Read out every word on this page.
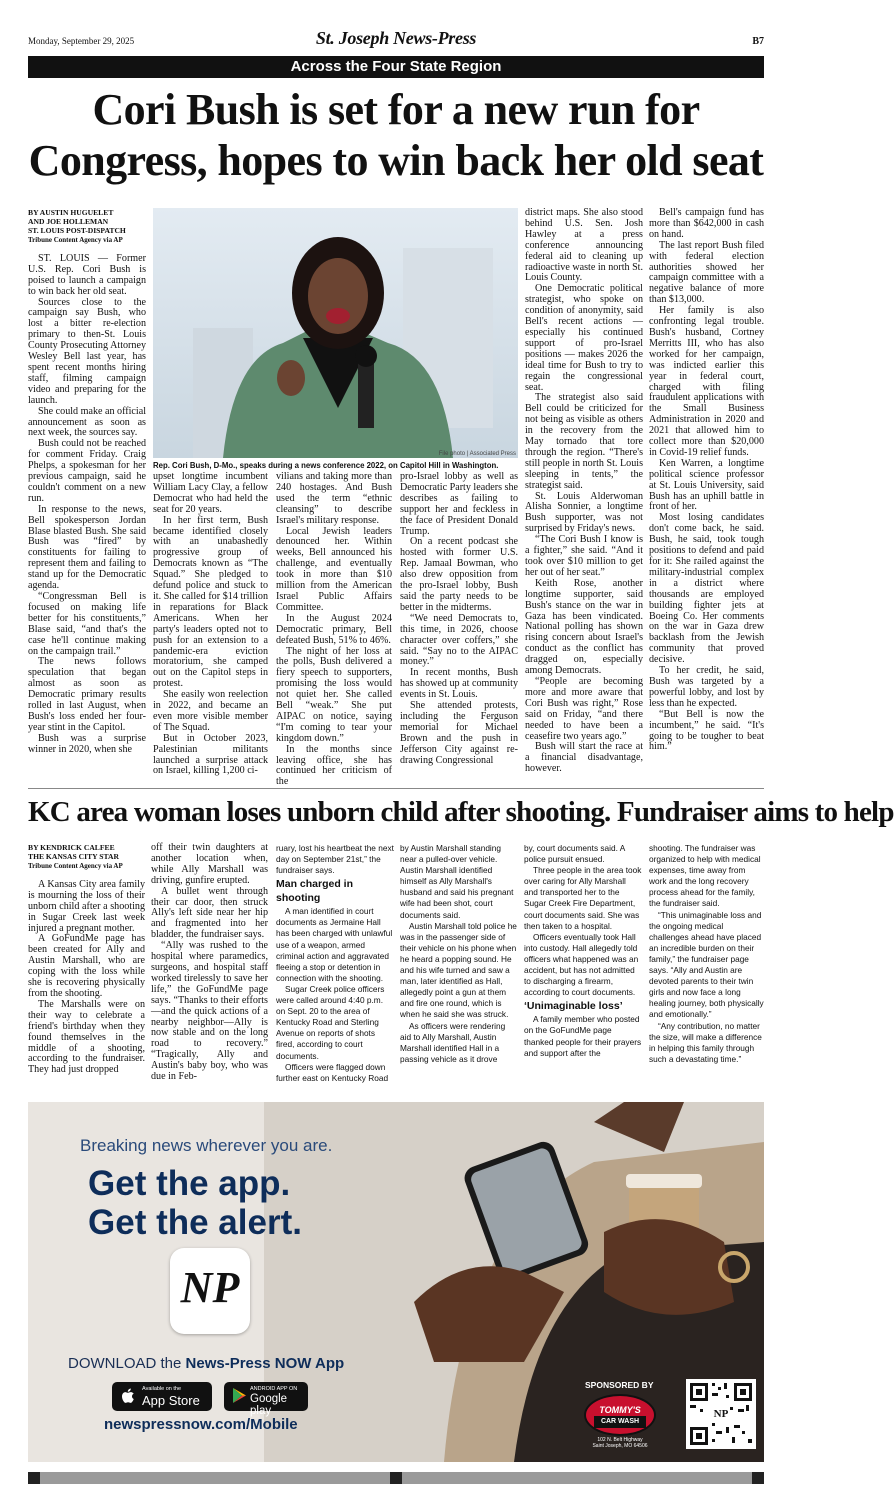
Monday, September 29, 2025	St. Joseph News-Press	B7
Across the Four State Region
Cori Bush is set for a new run for Congress, hopes to win back her old seat
BY AUSTIN HUGUELET
AND JOE HOLLEMAN
ST. LOUIS POST-DISPATCH
Tribune Content Agency via AP

ST. LOUIS — Former U.S. Rep. Cori Bush is poised to launch a campaign to win back her old seat.

Sources close to the campaign say Bush, who lost a bitter re-election primary to then-St. Louis County Prosecuting Attorney Wesley Bell last year, has spent recent months hiring staff, filming campaign video and preparing for the launch.

She could make an official announcement as soon as next week, the sources say.

Bush could not be reached for comment Friday. Craig Phelps, a spokesman for her previous campaign, said he couldn't comment on a new run.

In response to the news, Bell spokesperson Jordan Blase blasted Bush. She said Bush was “fired” by constituents for failing to represent them and failing to stand up for the Democratic agenda.

“Congressman Bell is focused on making life better for his constituents,” Blase said, “and that's the case he'll continue making on the campaign trail.”

The news follows speculation that began almost as soon as Democratic primary results rolled in last August, when Bush's loss ended her four-year stint in the Capitol.

Bush was a surprise winner in 2020, when she

File photo | Associated Press
Rep. Cori Bush, D-Mo., speaks during a news conference 2022, on Capitol Hill in Washington.

upset longtime incumbent William Lacy Clay, a fellow Democrat who had held the seat for 20 years.

In her first term, Bush became identified closely with an unabashedly progressive group of Democrats known as “The Squad.” She pledged to defund police and stuck to it. She called for $14 trillion in reparations for Black Americans. When her party's leaders opted not to push for an extension to a pandemic-era eviction moratorium, she camped out on the Capitol steps in protest.

She easily won reelection in 2022, and became an even more visible member of The Squad.

But in October 2023, Palestinian militants launched a surprise attack on Israel, killing 1,200 ci-

vilians and taking more than 240 hostages. And Bush used the term “ethnic cleansing” to describe Israel's military response.

Local Jewish leaders denounced her. Within weeks, Bell announced his challenge, and eventually took in more than $10 million from the American Israel Public Affairs Committee.

In the August 2024 Democratic primary, Bell defeated Bush, 51% to 46%.

The night of her loss at the polls, Bush delivered a fiery speech to supporters, promising the loss would not quiet her. She called Bell “weak.” She put AIPAC on notice, saying “I'm coming to tear your kingdom down.”

In the months since leaving office, she has continued her criticism of the

pro-Israel lobby as well as Democratic Party leaders she describes as failing to support her and feckless in the face of President Donald Trump.

On a recent podcast she hosted with former U.S. Rep. Jamaal Bowman, who also drew opposition from the pro-Israel lobby, Bush said the party needs to be better in the midterms.

“We need Democrats to, this time, in 2026, choose character over coffers,” she said. “Say no to the AIPAC money.”

In recent months, Bush has showed up at community events in St. Louis.

She attended protests, including the Ferguson memorial for Michael Brown and the push in Jefferson City against re- drawing Congressional

district maps. She also stood behind U.S. Sen. Josh Hawley at a press conference announcing federal aid to cleaning up radioactive waste in north St. Louis County.

One Democratic political strategist, who spoke on condition of anonymity, said Bell's recent actions — especially his continued support of pro-Israel positions — makes 2026 the ideal time for Bush to try to regain the congressional seat.

The strategist also said Bell could be criticized for not being as visible as others in the recovery from the May tornado that tore through the region. “There's still people in north St. Louis sleeping in tents,” the strategist said.

St. Louis Alderwoman Alisha Sonnier, a longtime Bush supporter, was not surprised by Friday's news.

“The Cori Bush I know is a fighter,” she said. “And it took over $10 million to get her out of her seat.”

Keith Rose, another longtime supporter, said Bush's stance on the war in Gaza has been vindicated. National polling has shown rising concern about Israel's conduct as the conflict has dragged on, especially among Democrats.

“People are becoming more and more aware that Cori Bush was right,” Rose said on Friday, “and there needed to have been a ceasefire two years ago.”

Bush will start the race at a financial disadvantage, however.

Bell's campaign fund has more than $642,000 in cash on hand.

The last report Bush filed with federal election authorities showed her campaign committee with a negative balance of more than $13,000.

Her family is also confronting legal trouble. Bush's husband, Cortney Merritts III, who has also worked for her campaign, was indicted earlier this year in federal court, charged with filing fraudulent applications with the Small Business Administration in 2020 and 2021 that allowed him to collect more than $20,000 in Covid-19 relief funds.

Ken Warren, a longtime political science professor at St. Louis University, said Bush has an uphill battle in front of her.

Most losing candidates don't come back, he said. Bush, he said, took tough positions to defend and paid for it: She railed against the military-industrial complex in a district where thousands are employed building fighter jets at Boeing Co. Her comments on the war in Gaza drew backlash from the Jewish community that proved decisive.

To her credit, he said, Bush was targeted by a powerful lobby, and lost by less than he expected.

“But Bell is now the incumbent,” he said. “It's going to be tougher to beat him.”

KC area woman loses unborn child after shooting. Fundraiser aims to help
BY KENDRICK CALFEE
THE KANSAS CITY STAR
Tribune Content Agency via AP

A Kansas City area family is mourning the loss of their unborn child after a shooting in Sugar Creek last week injured a pregnant mother.

A GoFundMe page has been created for Ally and Austin Marshall, who are coping with the loss while she is recovering physically from the shooting.

The Marshalls were on their way to celebrate a friend's birthday when they found themselves in the middle of a shooting, according to the fundraiser. They had just dropped

off their twin daughters at another location when, while Ally Marshall was driving, gunfire erupted.

A bullet went through their car door, then struck Ally's left side near her hip and fragmented into her bladder, the fundraiser says.

“Ally was rushed to the hospital where paramedics, surgeons, and hospital staff worked tirelessly to save her life,” the GoFundMe page says. “Thanks to their efforts—and the quick actions of a nearby neighbor—Ally is now stable and on the long road to recovery.” “Tragically, Ally and Austin's baby boy, who was due in Feb-

ruary, lost his heartbeat the next day on September 21st,” the fundraiser says.

Man charged in shooting

A man identified in court documents as Jermaine Hall has been charged with unlawful use of a weapon, armed criminal action and aggravated fleeing a stop or detention in connection with the shooting.

Sugar Creek police officers were called around 4:40 p.m. on Sept. 20 to the area of Kentucky Road and Sterling Avenue on reports of shots fired, according to court documents.

Officers were flagged down further east on Kentucky Road

by Austin Marshall standing near a pulled-over vehicle. Austin Marshall identified himself as Ally Marshall's husband and said his pregnant wife had been shot, court documents said.

Austin Marshall told police he was in the passenger side of their vehicle on his phone when he heard a popping sound. He and his wife turned and saw a man, later identified as Hall, allegedly point a gun at them and fire one round, which is when he said she was struck.

As officers were rendering aid to Ally Marshall, Austin Marshall identified Hall in a passing vehicle as it drove

by, court documents said. A police pursuit ensued.

Three people in the area took over caring for Ally Marshall and transported her to the Sugar Creek Fire Department, court documents said. She was then taken to a hospital.

Officers eventually took Hall into custody. Hall allegedly told officers what happened was an accident, but has not admitted to discharging a firearm, according to court documents.

‘Unimaginable loss’

A family member who posted on the GoFundMe page thanked people for their prayers and support after the

shooting. The fundraiser was organized to help with medical expenses, time away from work and the long recovery process ahead for the family, the fundraiser said.

“This unimaginable loss and the ongoing medical challenges ahead have placed an incredible burden on their family,” the fundraiser page says. “Ally and Austin are devoted parents to their twin girls and now face a long healing journey, both physically and emotionally.”

“Any contribution, no matter the size, will make a difference in helping this family through such a devastating time.”

Breaking news wherever you are.
Get the app.
Get the alert.
NP
DOWNLOAD the News-Press NOW App
Available on the
App Store
ANDROID APP ON
Google play
newspressnow.com/Mobile
SPONSORED BY
TOMMY'S
CAR WASH
102 N. Belt Highway
Saint Joseph, MO 64506
NP
